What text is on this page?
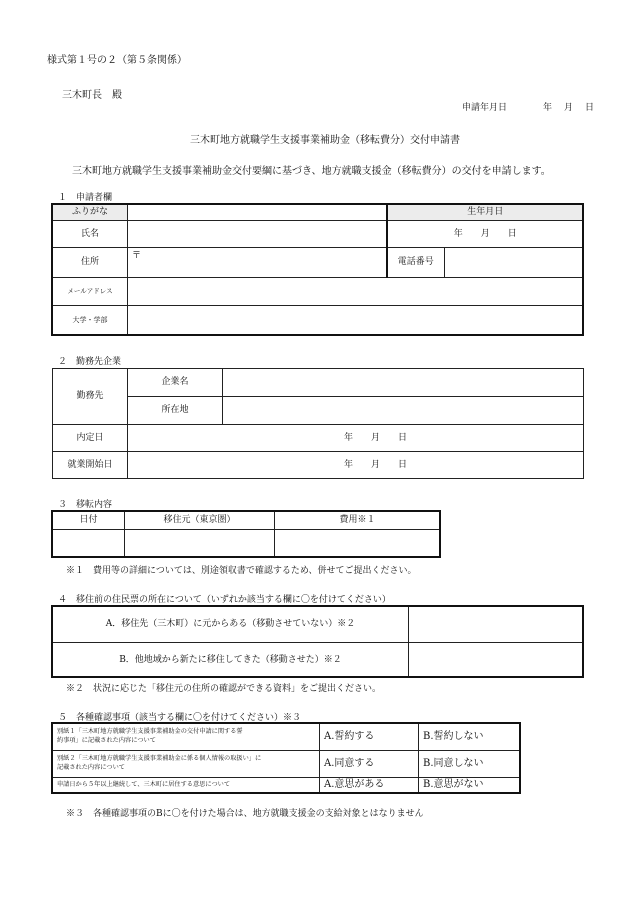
様式第１号の２（第５条関係）
三木町長　殿
申請年月日	年 月 日
三木町地方就職学生支援事業補助金（移転費分）交付申請書
三木町地方就職学生支援事業補助金交付要綱に基づき、地方就職支援金（移転費分）の交付を申請します。
１　申請者欄
ふりがな		生年月日	
氏名		年 月 日	
住所	〒	電話番号	
メールアドレス			
大学・学部			
２　勤務先企業
勤務先	企業名	
	所在地	
内定日	年 月 日	
就業開始日	年 月 日	
３　移転内容
日付	移住元（東京圏）	費用※１

※１　費用等の詳細については、別途領収書で確認するため、併せてご提出ください。
４　移住前の住民票の所在について（いずれか該当する欄に〇を付けてください）
A．移住先（三木町）に元からある（移動させていない）※２	
B．他地域から新たに移住してきた（移動させた）※２	
※２　状況に応じた「移住元の住所の確認ができる資料」をご提出ください。
５　各種確認事項（該当する欄に〇を付けてください）※３
別紙１「三木町地方就職学生支援事業補助金の交付申請に関する誓
約事項」に記載された内容について	A.誓約する	B.誓約しない
別紙２「三木町地方就職学生支援事業補助金に係る個人情報の取扱い」に
記載された内容について	A.同意する	B.同意しない
申請日から５年以上継続して、三木町に居住する意思について	A.意思がある	B.意思がない
※３　各種確認事項のBに〇を付けた場合は、地方就職支援金の支給対象とはなりません
